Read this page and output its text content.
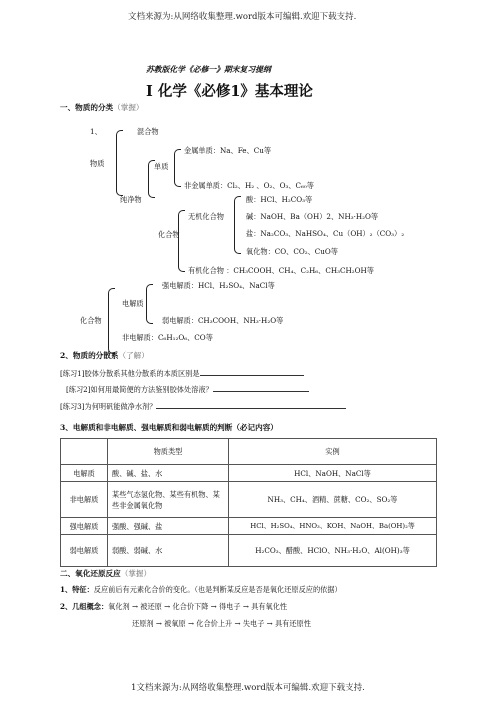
文档来源为:从网络收集整理.word版本可编辑.欢迎下载支持.
苏教版化学《必修一》期末复习提纲
Ⅰ 化学《必修1》基本理论
一、物质的分类（掌握）
1、	混合物
物质
纯净物
单质
金属单质：Na、Fe、Cu等
非金属单质：Cl₂、H₂ 、O₂、O₃、C₆₀等
化合物
无机化合物
酸：HCl、H₂CO₃等
碱：NaOH、Ba（OH）2、NH₃·H₂O等
盐：Na₂CO₃、NaHSO₄、Cu（OH）₂（CO₃）₂
氧化物：CO、CO₂、CuO等
有机化合物 ：CH₃COOH、CH₄、C₂H₆、CH₃CH₂OH等
化合物
电解质
强电解质：HCl、H₂SO₄、NaCl等
弱电解质：CH₃COOH、NH₃·H₂O等
非电解质：C₆H₁₂O₆、CO等
2、物质的分散系（了解）
[练习1]胶体分散系其他分散系的本质区别是
[练习2]如何用最简便的方法鉴别胶体处溶液？
[练习3]为何明矾能做净水剂？
3、电解质和非电解质、强电解质和弱电解质的判断（必记内容）
	物质类型	实例
电解质	酸、碱、盐、水	HCl、NaOH、NaCl等
非电解质	某些气态氢化物、某些有机物、某些非金属氧化物	NH₃、CH₄、酒精、蔗糖、CO₂、SO₂等
强电解质	强酸、强碱、盐	HCl、H₂SO₄、HNO₃、KOH、NaOH、Ba(OH)₂等
弱电解质	弱酸、弱碱、水	H₂CO₃、醋酸、HClO、NH₃·H₂O、Al(OH)₃等
二、氧化还原反应（掌握）
1、特征：反应前后有元素化合价的变化。（也是判断某反应是否是氧化还原反应的依据）
2、几组概念：氧化剂 → 被还原 → 化合价下降 → 得电子 → 具有氧化性
还原剂 → 被氧原 → 化合价上升 → 失电子 → 具有还原性
1文档来源为:从网络收集整理.word版本可编辑.欢迎下载支持.
